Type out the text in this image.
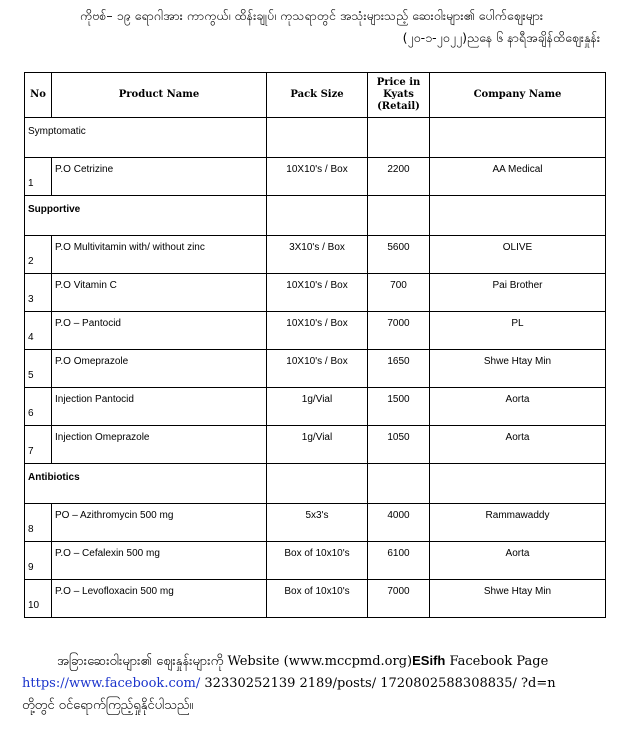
ကိုဗစ်– ၁၉ ရောဂါအား ကာကွယ်၊ ထိန်းချုပ်၊ ကုသရာတွင် အသုံးများသည့် ဆေးဝါးများ၏ ပေါက်ဈေးများ
(၂၀-၁-၂၀၂၂)ညနေ ၆ နာရီအချိန်ထိဈေးနှုန်း
No	Product Name	Pack Size	Price in Kyats (Retail)	Company Name
Symptomatic				
1	P.O Cetrizine	10X10's / Box	2200	AA Medical
Supportive				
2	P.O Multivitamin with/ without zinc	3X10's / Box	5600	OLIVE
3	P.O Vitamin C	10X10's / Box	700	Pai Brother
4	P.O – Pantocid	10X10's / Box	7000	PL
5	P.O Omeprazole	10X10's / Box	1650	Shwe Htay Min
6	Injection Pantocid	1g/Vial	1500	Aorta
7	Injection Omeprazole	1g/Vial	1050	Aorta
Antibiotics				
8	PO – Azithromycin 500 mg	5x3's	4000	Rammawaddy
9	P.O – Cefalexin 500 mg	Box of 10x10's	6100	Aorta
10	P.O – Levofloxacin 500 mg	Box of 10x10's	7000	Shwe Htay Min
အခြားဆေးဝါးများ၏ ဈေးနှုန်းများကို Website (www.mccpmd.org)ESifh Facebook Page
https://www.facebook.com/ 32330252139 2189/posts/ 1720802588308835/ ?d=n
တို့တွင် ဝင်ရောက်ကြည့်ရှုနိုင်ပါသည်။
